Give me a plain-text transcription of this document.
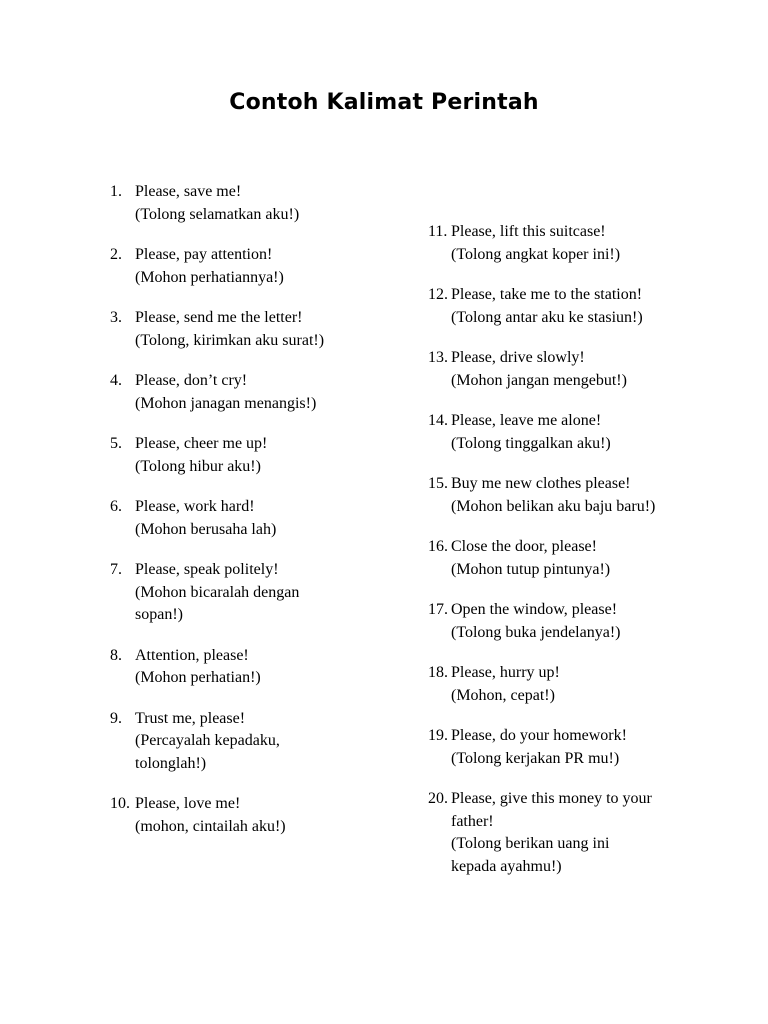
Contoh Kalimat Perintah
1. Please, save me!
(Tolong selamatkan aku!)
2. Please, pay attention!
(Mohon perhatiannya!)
3. Please, send me the letter!
(Tolong, kirimkan aku surat!)
4. Please, don’t cry!
(Mohon janagan menangis!)
5. Please, cheer me up!
(Tolong hibur aku!)
6. Please, work hard!
(Mohon berusaha lah)
7. Please, speak politely!
(Mohon bicaralah dengan
sopan!)
8. Attention, please!
(Mohon perhatian!)
9. Trust me, please!
(Percayalah kepadaku,
tolonglah!)
10. Please, love me!
(mohon, cintailah aku!)
11. Please, lift this suitcase!
(Tolong angkat koper ini!)
12. Please, take me to the station!
(Tolong antar aku ke stasiun!)
13. Please, drive slowly!
(Mohon jangan mengebut!)
14. Please, leave me alone!
(Tolong tinggalkan aku!)
15. Buy me new clothes please!
(Mohon belikan aku baju baru!)
16. Close the door, please!
(Mohon tutup pintunya!)
17. Open the window, please!
(Tolong buka jendelanya!)
18. Please, hurry up!
(Mohon, cepat!)
19. Please, do your homework!
(Tolong kerjakan PR mu!)
20. Please, give this money to your
father!
(Tolong berikan uang ini
kepada ayahmu!)
